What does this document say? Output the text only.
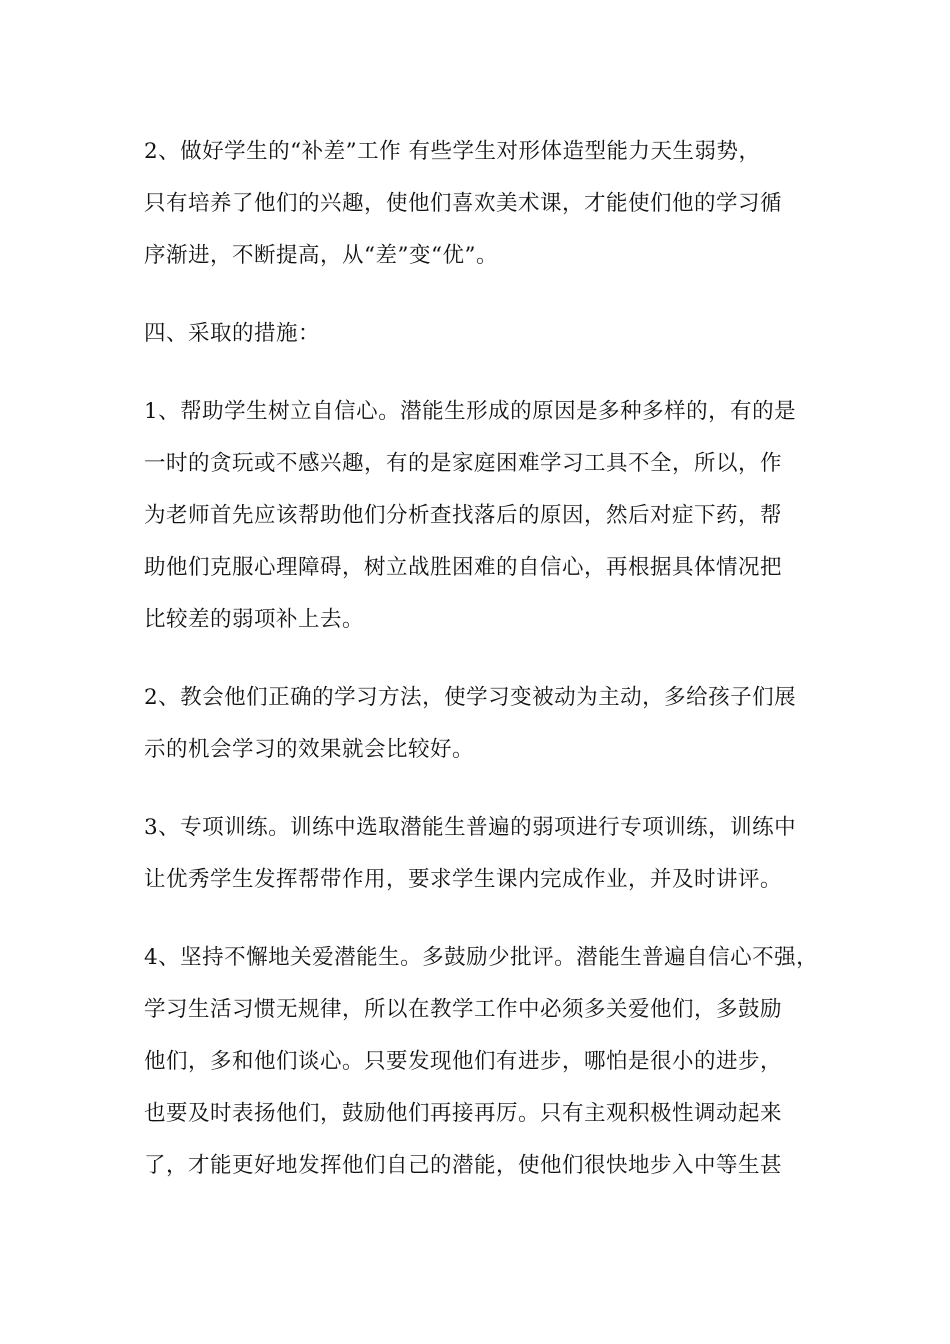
2、做好学生的“补差”工作 有些学生对形体造型能力天生弱势，
只有培养了他们的兴趣，使他们喜欢美术课，才能使们他的学习循
序渐进，不断提高，从“差”变“优”。
四、采取的措施：
1、帮助学生树立自信心。潜能生形成的原因是多种多样的，有的是
一时的贪玩或不感兴趣，有的是家庭困难学习工具不全，所以，作
为老师首先应该帮助他们分析查找落后的原因，然后对症下药，帮
助他们克服心理障碍，树立战胜困难的自信心，再根据具体情况把
比较差的弱项补上去。
2、教会他们正确的学习方法，使学习变被动为主动，多给孩子们展
示的机会学习的效果就会比较好。
3、专项训练。训练中选取潜能生普遍的弱项进行专项训练，训练中
让优秀学生发挥帮带作用，要求学生课内完成作业，并及时讲评。
4、坚持不懈地关爱潜能生。多鼓励少批评。潜能生普遍自信心不强，
学习生活习惯无规律，所以在教学工作中必须多关爱他们，多鼓励
他们，多和他们谈心。只要发现他们有进步，哪怕是很小的进步，
也要及时表扬他们，鼓励他们再接再厉。只有主观积极性调动起来
了，才能更好地发挥他们自己的潜能，使他们很快地步入中等生甚
